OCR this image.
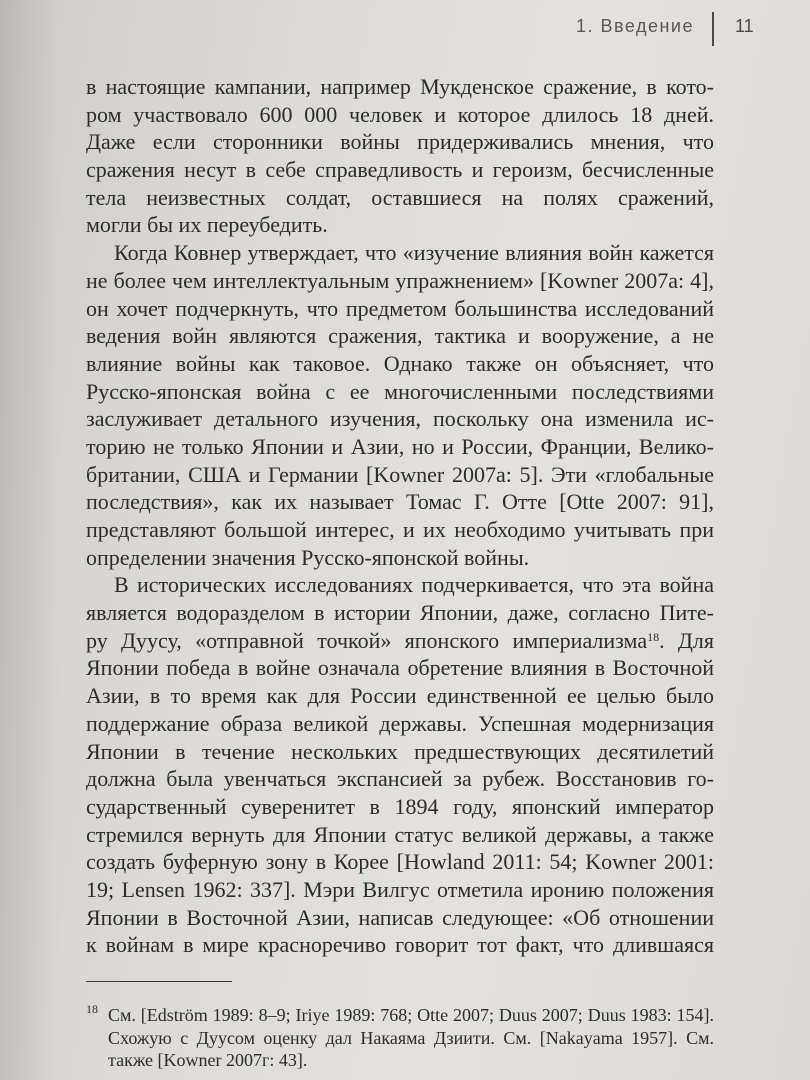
1. Введение 11

в настоящие кампании, например Мукденское сражение, в кото-
ром участвовало 600 000 человек и которое длилось 18 дней.
Даже если сторонники войны придерживались мнения, что
сражения несут в себе справедливость и героизм, бесчисленные
тела неизвестных солдат, оставшиеся на полях сражений,
могли бы их переубедить.

Когда Ковнер утверждает, что «изучение влияния войн кажется
не более чем интеллектуальным упражнением» [Kowner 2007a: 4],
он хочет подчеркнуть, что предметом большинства исследований
ведения войн являются сражения, тактика и вооружение, а не
влияние войны как таковое. Однако также он объясняет, что
Русско-японская война с ее многочисленными последствиями
заслуживает детального изучения, поскольку она изменила ис-
торию не только Японии и Азии, но и России, Франции, Велико-
британии, США и Германии [Kowner 2007a: 5]. Эти «глобальные
последствия», как их называет Томас Г. Отте [Otte 2007: 91],
представляют большой интерес, и их необходимо учитывать при
определении значения Русско-японской войны.

В исторических исследованиях подчеркивается, что эта война
является водоразделом в истории Японии, даже, согласно Пите-
ру Дуусу, «отправной точкой» японского империализма$^{18}$. Для
Японии победа в войне означала обретение влияния в Восточной
Азии, в то время как для России единственной ее целью было
поддержание образа великой державы. Успешная модернизация
Японии в течение нескольких предшествующих десятилетий
должна была увенчаться экспансией за рубеж. Восстановив го-
сударственный суверенитет в 1894 году, японский император
стремился вернуть для Японии статус великой державы, а также
создать буферную зону в Корее [Howland 2011: 54; Kowner 2001:
19; Lensen 1962: 337]. Мэри Вилгус отметила иронию положения
Японии в Восточной Азии, написав следующее: «Об отношении
к войнам в мире красноречиво говорит тот факт, что длившаяся

18 См. [Edström 1989: 8–9; Iriye 1989: 768; Otte 2007; Duus 2007; Duus 1983: 154].
Схожую с Дуусом оценку дал Накаяма Дзиити. См. [Nakayama 1957]. См.
также [Kowner 2007г: 43].
